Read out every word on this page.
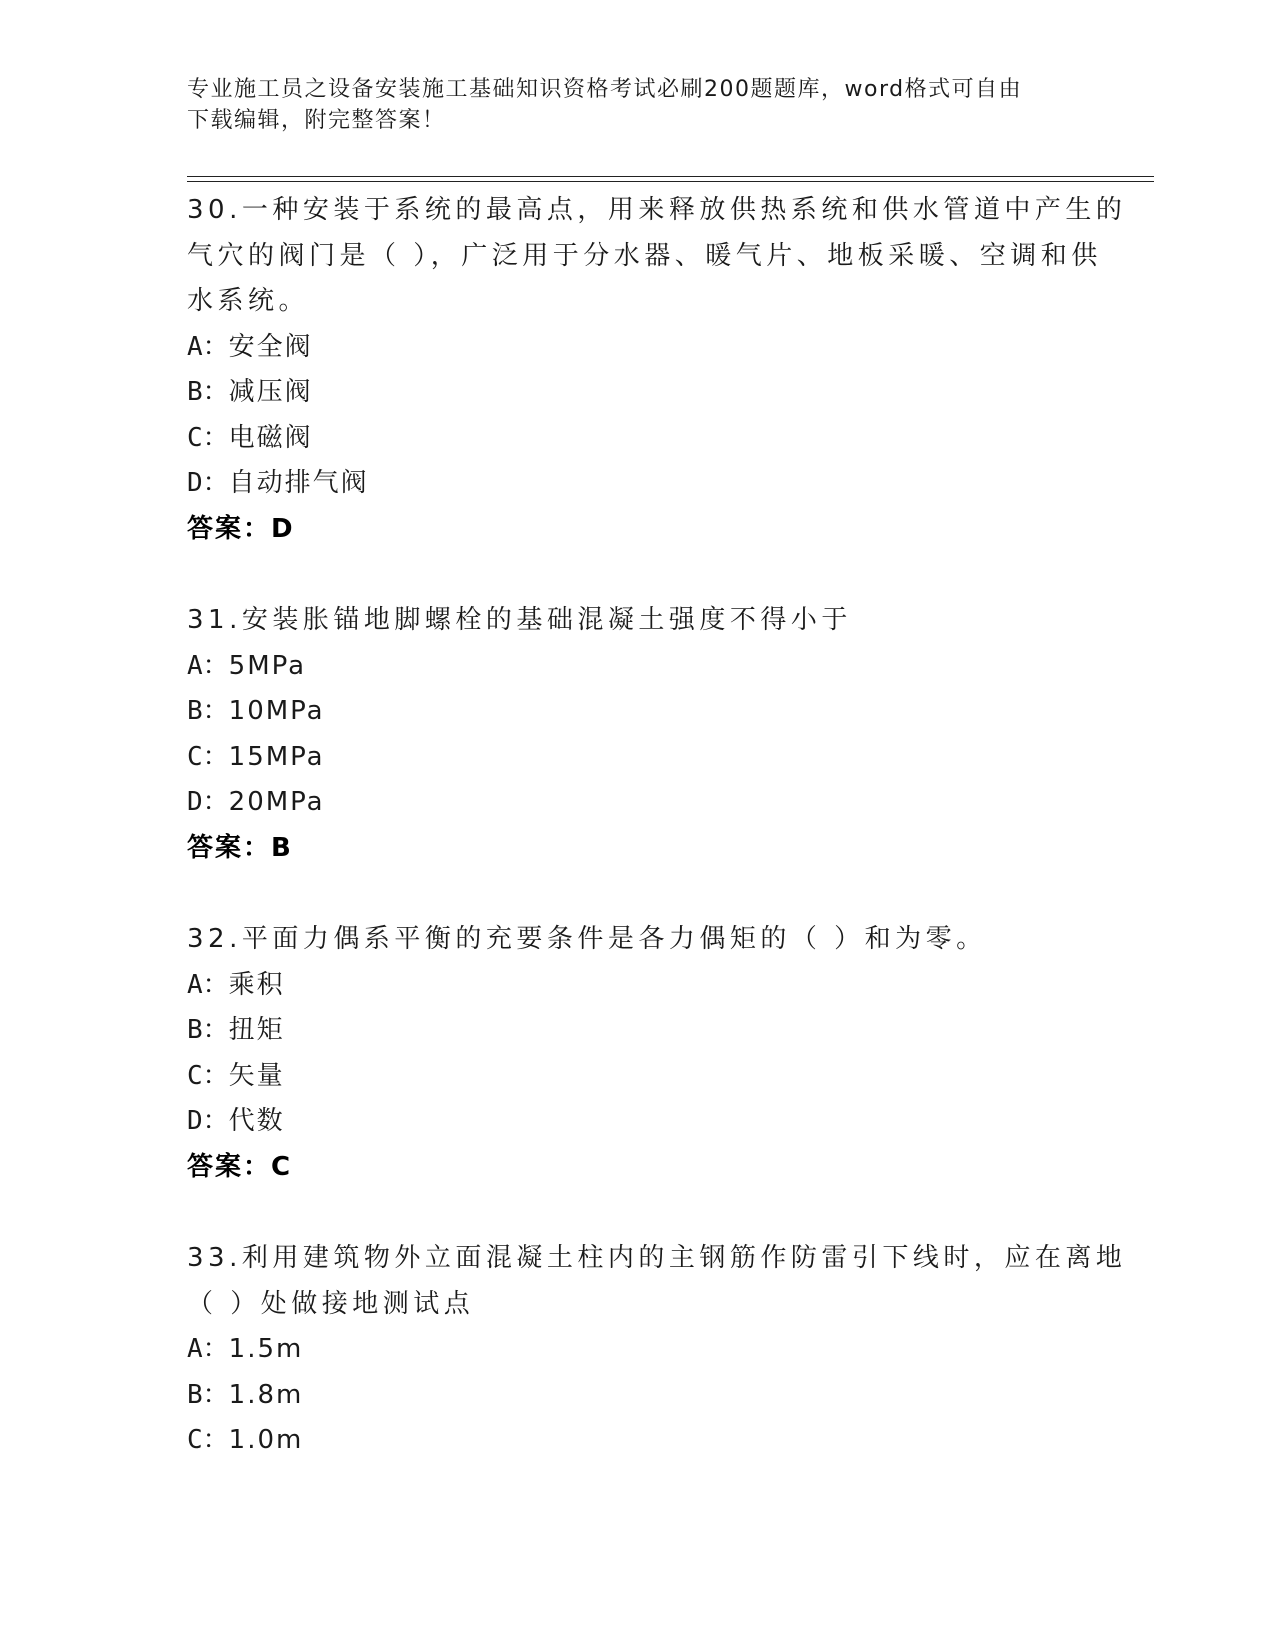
专业施工员之设备安装施工基础知识资格考试必刷200题题库，word格式可自由
下载编辑，附完整答案！
30.一种安装于系统的最高点，用来释放供热系统和供水管道中产生的
气穴的阀门是（ ），广泛用于分水器、暖气片、地板采暖、空调和供
水系统。
A：安全阀
B：减压阀
C：电磁阀
D：自动排气阀
答案：D
31.安装胀锚地脚螺栓的基础混凝土强度不得小于
A：5MPa
B：10MPa
C：15MPa
D：20MPa
答案：B
32.平面力偶系平衡的充要条件是各力偶矩的（ ）和为零。
A：乘积
B：扭矩
C：矢量
D：代数
答案：C
33.利用建筑物外立面混凝土柱内的主钢筋作防雷引下线时，应在离地
（ ）处做接地测试点
A：1.5m
B：1.8m
C：1.0m
